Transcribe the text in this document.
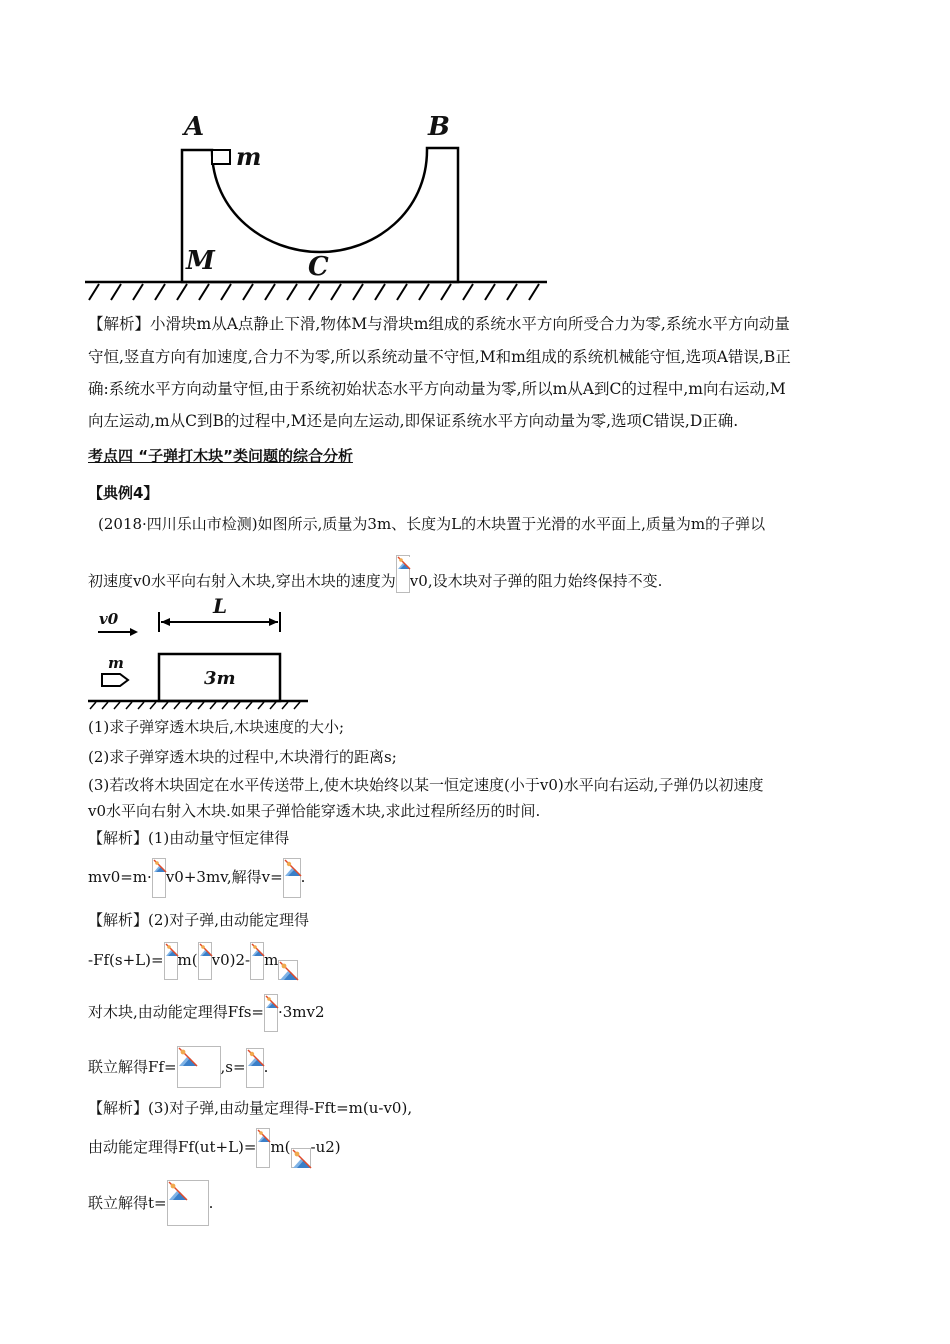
A	B
m
M	C
【解析】小滑块m从A点静止下滑,物体M与滑块m组成的系统水平方向所受合力为零,系统水平方向动量
守恒,竖直方向有加速度,合力不为零,所以系统动量不守恒,M和m组成的系统机械能守恒,选项A错误,B正
确:系统水平方向动量守恒,由于系统初始状态水平方向动量为零,所以m从A到C的过程中,m向右运动,M
向左运动,m从C到B的过程中,M还是向左运动,即保证系统水平方向动量为零,选项C错误,D正确.
考点四 “子弹打木块”类问题的综合分析
【典例4】
(2018·四川乐山市检测)如图所示,质量为3m、长度为L的木块置于光滑的水平面上,质量为m的子弹以
初速度v0水平向右射入木块,穿出木块的速度为 v0,设木块对子弹的阻力始终保持不变.
v0
L
m
3m
(1)求子弹穿透木块后,木块速度的大小;
(2)求子弹穿透木块的过程中,木块滑行的距离s;
(3)若改将木块固定在水平传送带上,使木块始终以某一恒定速度(小于v0)水平向右运动,子弹仍以初速度
v0水平向右射入木块.如果子弹恰能穿透木块,求此过程所经历的时间.
【解析】(1)由动量守恒定律得
mv0=m· v0+3mv,解得v= .
【解析】(2)对子弹,由动能定理得
-Ff(s+L)= m( v0)2- m
对木块,由动能定理得Ffs= ·3mv2
联立解得Ff=	,s= .
【解析】(3)对子弹,由动量定理得-Fft=m(u-v0),
由动能定理得Ff(ut+L)= m( -u2)
联立解得t=	.
